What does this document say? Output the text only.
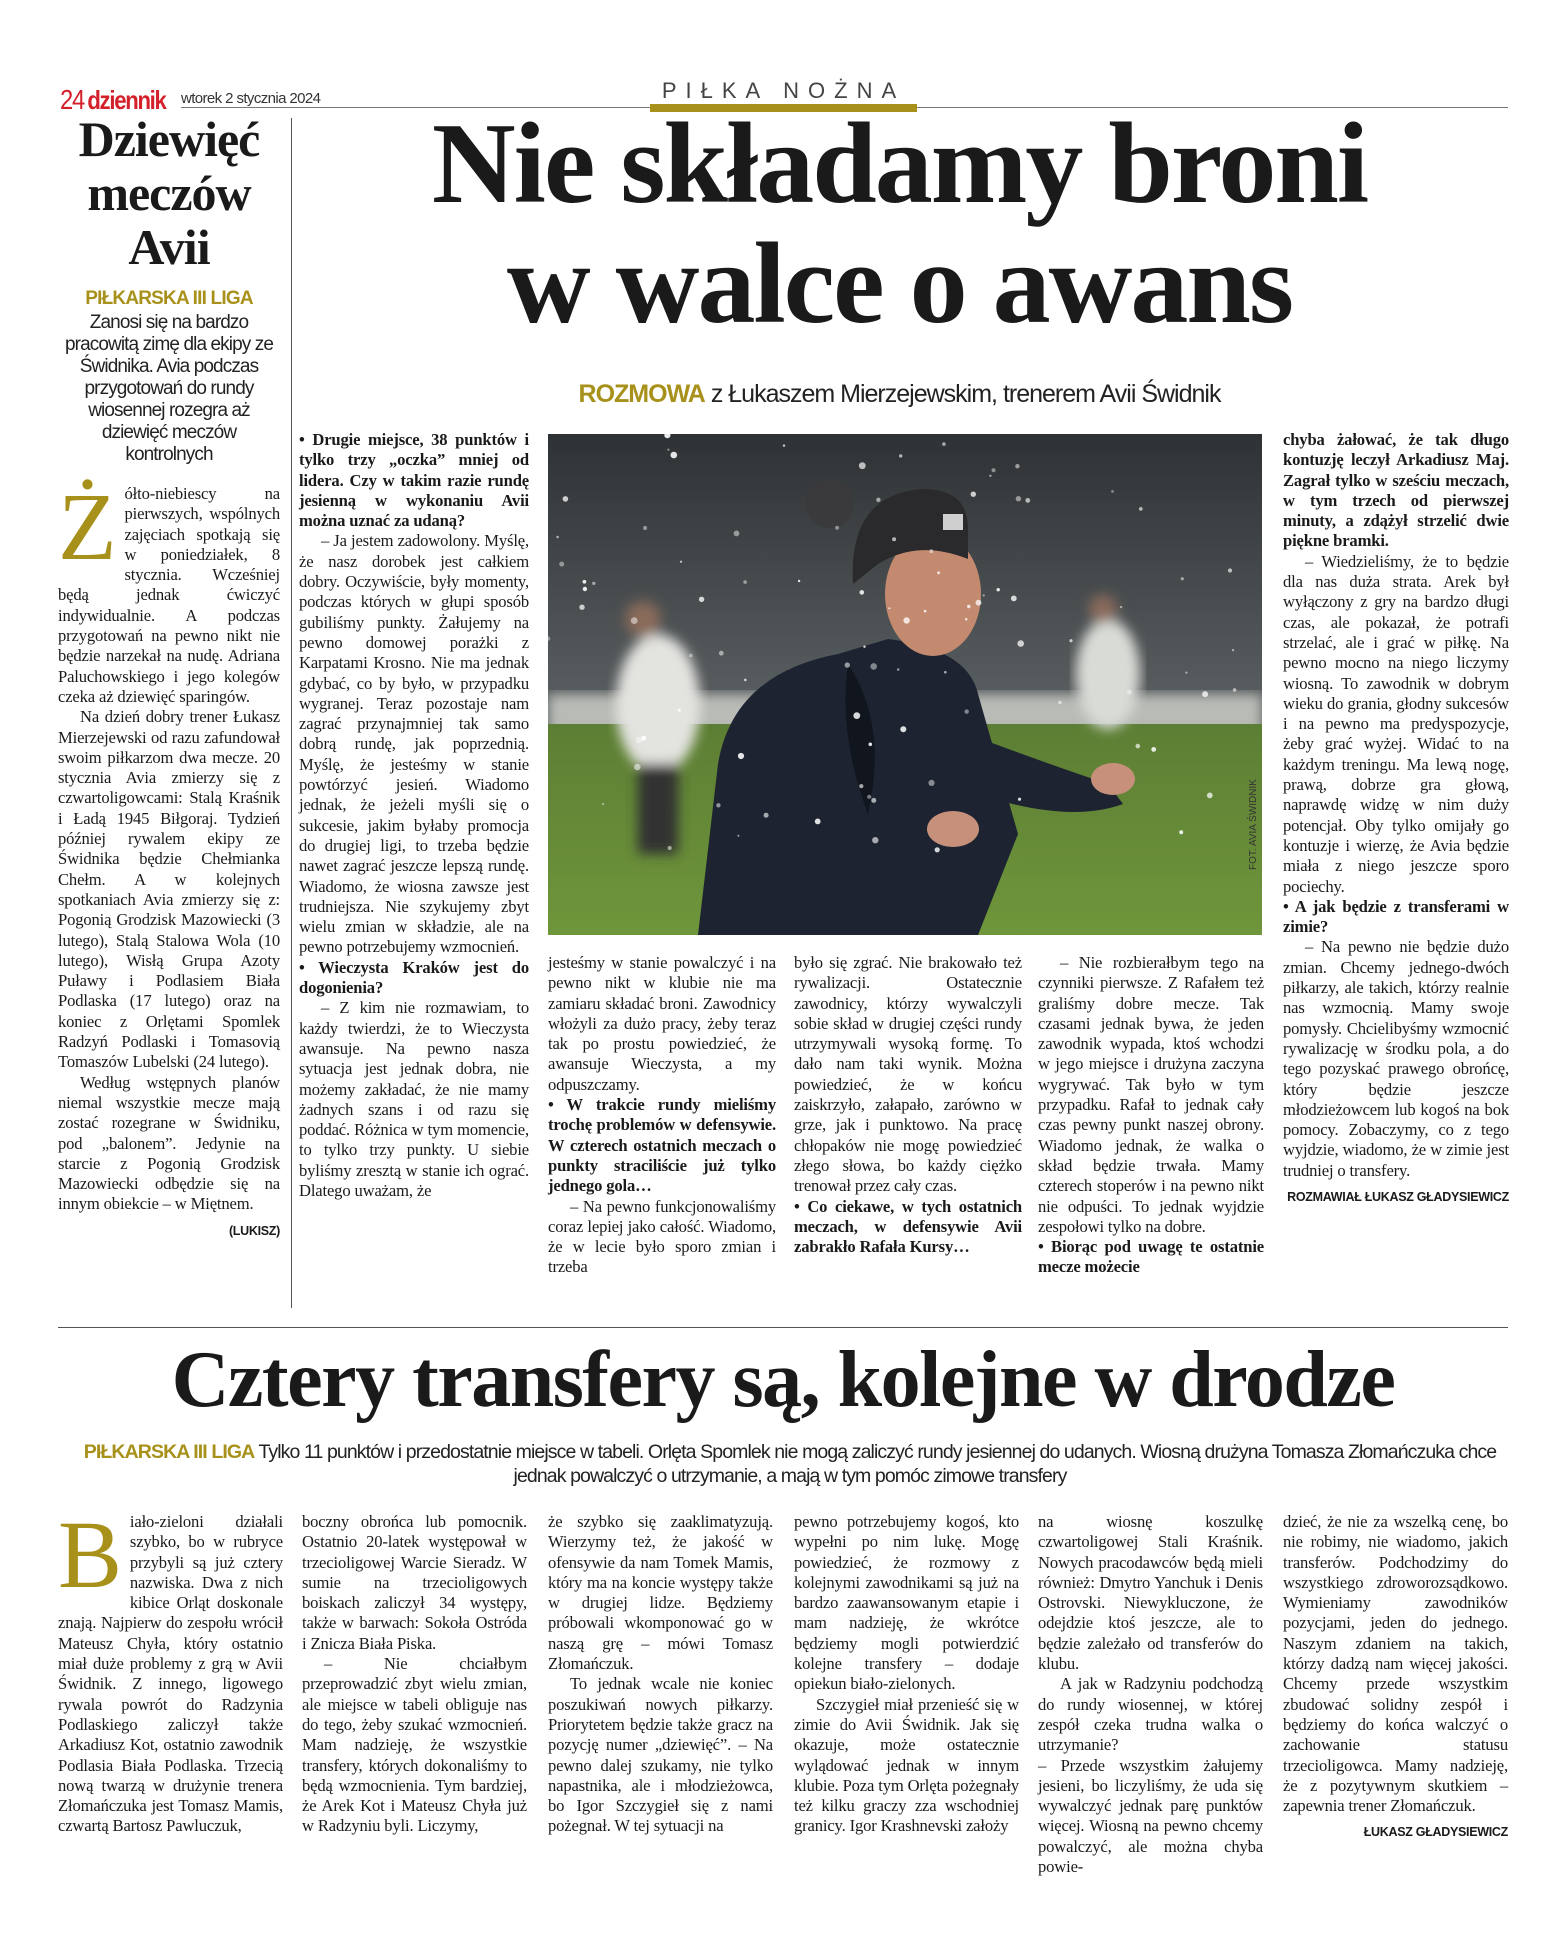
24 dziennik wtorek 2 stycznia 2024	PIŁKA NOŻNA
Dziewięć
meczów
Avii
PIŁKARSKA III LIGA
Zanosi się na bardzo pracowitą zimę dla ekipy ze Świdnika. Avia podczas przygotowań do rundy wiosennej rozegra aż dziewięć meczów kontrolnych

Żółto-niebiescy na pierwszych, wspólnych zajęciach spotkają się w poniedziałek, 8 stycznia. Wcześniej będą jednak ćwiczyć indywidualnie. A podczas przygotowań na pewno nikt nie będzie narzekał na nudę. Adriana Paluchowskiego i jego kolegów czeka aż dziewięć sparingów.

Na dzień dobry trener Łukasz Mierzejewski od razu zafundował swoim piłkarzom dwa mecze. 20 stycznia Avia zmierzy się z czwartoligowcami: Stalą Kraśnik i Ładą 1945 Biłgoraj. Tydzień później rywalem ekipy ze Świdnika będzie Chełmianka Chełm. A w kolejnych spotkaniach Avia zmierzy się z: Pogonią Grodzisk Mazowiecki (3 lutego), Stalą Stalowa Wola (10 lutego), Wisłą Grupa Azoty Puławy i Podlasiem Biała Podlaska (17 lutego) oraz na koniec z Orlętami Spomlek Radzyń Podlaski i Tomasovią Tomaszów Lubelski (24 lutego).

Według wstępnych planów niemal wszystkie mecze mają zostać rozegrane w Świdniku, pod „balonem”. Jedynie na starcie z Pogonią Grodzisk Mazowiecki odbędzie się na innym obiekcie – w Miętnem.

(LUKISZ)
Nie składamy broni
w walce o awans
ROZMOWA z Łukaszem Mierzejewskim, trenerem Avii Świdnik
FOT. AVIA ŚWIDNIK

• Drugie miejsce, 38 punktów i tylko trzy „oczka” mniej od lidera. Czy w takim razie rundę jesienną w wykonaniu Avii można uznać za udaną?

– Ja jestem zadowolony. Myślę, że nasz dorobek jest całkiem dobry. Oczywiście, były momenty, podczas których w głupi sposób gubiliśmy punkty. Żałujemy na pewno domowej porażki z Karpatami Krosno. Nie ma jednak gdybać, co by było, w przypadku wygranej. Teraz pozostaje nam zagrać przynajmniej tak samo dobrą rundę, jak poprzednią. Myślę, że jesteśmy w stanie powtórzyć jesień. Wiadomo jednak, że jeżeli myśli się o sukcesie, jakim byłaby promocja do drugiej ligi, to trzeba będzie nawet zagrać jeszcze lepszą rundę. Wiadomo, że wiosna zawsze jest trudniejsza. Nie szykujemy zbyt wielu zmian w składzie, ale na pewno potrzebujemy wzmocnień.

• Wieczysta Kraków jest do dogonienia?

– Z kim nie rozmawiam, to każdy twierdzi, że to Wieczysta awansuje. Na pewno nasza sytuacja jest jednak dobra, nie możemy zakładać, że nie mamy żadnych szans i od razu się poddać. Różnica w tym momencie, to tylko trzy punkty. U siebie byliśmy zresztą w stanie ich ograć. Dlatego uważam, że

jesteśmy w stanie powalczyć i na pewno nikt w klubie nie ma zamiaru składać broni. Zawodnicy włożyli za dużo pracy, żeby teraz tak po prostu powiedzieć, że awansuje Wieczysta, a my odpuszczamy.

• W trakcie rundy mieliśmy trochę problemów w defensywie. W czterech ostatnich meczach o punkty straciliście już tylko jednego gola…

– Na pewno funkcjonowaliśmy coraz lepiej jako całość. Wiadomo, że w lecie było sporo zmian i trzeba

było się zgrać. Nie brakowało też rywalizacji. Ostatecznie zawodnicy, którzy wywalczyli sobie skład w drugiej części rundy utrzymywali wysoką formę. To dało nam taki wynik. Można powiedzieć, że w końcu zaiskrzyło, załapało, zarówno w grze, jak i punktowo. Na pracę chłopaków nie mogę powiedzieć złego słowa, bo każdy ciężko trenował przez cały czas.

• Co ciekawe, w tych ostatnich meczach, w defensywie Avii zabrakło Rafała Kursy…

– Nie rozbierałbym tego na czynniki pierwsze. Z Rafałem też graliśmy dobre mecze. Tak czasami jednak bywa, że jeden zawodnik wypada, ktoś wchodzi w jego miejsce i drużyna zaczyna wygrywać. Tak było w tym przypadku. Rafał to jednak cały czas pewny punkt naszej obrony. Wiadomo jednak, że walka o skład będzie trwała. Mamy czterech stoperów i na pewno nikt nie odpuści. To jednak wyjdzie zespołowi tylko na dobre.

• Biorąc pod uwagę te ostatnie mecze możecie

chyba żałować, że tak długo kontuzję leczył Arkadiusz Maj. Zagrał tylko w sześciu meczach, w tym trzech od pierwszej minuty, a zdążył strzelić dwie piękne bramki.

– Wiedzieliśmy, że to będzie dla nas duża strata. Arek był wyłączony z gry na bardzo długi czas, ale pokazał, że potrafi strzelać, ale i grać w piłkę. Na pewno mocno na niego liczymy wiosną. To zawodnik w dobrym wieku do grania, głodny sukcesów i na pewno ma predyspozycje, żeby grać wyżej. Widać to na każdym treningu. Ma lewą nogę, prawą, dobrze gra głową, naprawdę widzę w nim duży potencjał. Oby tylko omijały go kontuzje i wierzę, że Avia będzie miała z niego jeszcze sporo pociechy.

• A jak będzie z transferami w zimie?

– Na pewno nie będzie dużo zmian. Chcemy jednego-dwóch piłkarzy, ale takich, którzy realnie nas wzmocnią. Mamy swoje pomysły. Chcielibyśmy wzmocnić rywalizację w środku pola, a do tego pozyskać prawego obrońcę, który będzie jeszcze młodzieżowcem lub kogoś na bok pomocy. Zobaczymy, co z tego wyjdzie, wiadomo, że w zimie jest trudniej o transfery.

ROZMAWIAŁ ŁUKASZ GŁADYSIEWICZ
Cztery transfery są, kolejne w drodze
PIŁKARSKA III LIGA Tylko 11 punktów i przedostatnie miejsce w tabeli. Orlęta Spomlek nie mogą zaliczyć rundy jesiennej do udanych. Wiosną drużyna Tomasza Złomańczuka chce jednak powalczyć o utrzymanie, a mają w tym pomóc zimowe transfery

Biało-zieloni działali szybko, bo w rubryce przybyli są już cztery nazwiska. Dwa z nich kibice Orląt doskonale znają. Najpierw do zespołu wrócił Mateusz Chyła, który ostatnio miał duże problemy z grą w Avii Świdnik. Z innego, ligowego rywala powrót do Radzynia Podlaskiego zaliczył także Arkadiusz Kot, ostatnio zawodnik Podlasia Biała Podlaska. Trzecią nową twarzą w drużynie trenera Złomańczuka jest Tomasz Mamis, czwartą Bartosz Pawluczuk,

boczny obrońca lub pomocnik. Ostatnio 20-latek występował w trzecioligowej Warcie Sieradz. W sumie na trzecioligowych boiskach zaliczył 34 występy, także w barwach: Sokoła Ostróda i Znicza Biała Piska.

– Nie chciałbym przeprowadzić zbyt wielu zmian, ale miejsce w tabeli obliguje nas do tego, żeby szukać wzmocnień. Mam nadzieję, że wszystkie transfery, których dokonaliśmy to będą wzmocnienia. Tym bardziej, że Arek Kot i Mateusz Chyła już w Radzyniu byli. Liczymy,

że szybko się zaaklimatyzują. Wierzymy też, że jakość w ofensywie da nam Tomek Mamis, który ma na koncie występy także w drugiej lidze. Będziemy próbowali wkomponować go w naszą grę – mówi Tomasz Złomańczuk.

To jednak wcale nie koniec poszukiwań nowych piłkarzy. Priorytetem będzie także gracz na pozycję numer „dziewięć”. – Na pewno dalej szukamy, nie tylko napastnika, ale i młodzieżowca, bo Igor Szczygieł się z nami pożegnał. W tej sytuacji na

pewno potrzebujemy kogoś, kto wypełni po nim lukę. Mogę powiedzieć, że rozmowy z kolejnymi zawodnikami są już na bardzo zaawansowanym etapie i mam nadzieję, że wkrótce będziemy mogli potwierdzić kolejne transfery – dodaje opiekun biało-zielonych.

Szczygieł miał przenieść się w zimie do Avii Świdnik. Jak się okazuje, może ostatecznie wylądować jednak w innym klubie. Poza tym Orlęta pożegnały też kilku graczy zza wschodniej granicy. Igor Krashnevski założy

na wiosnę koszulkę czwartoligowej Stali Kraśnik. Nowych pracodawców będą mieli również: Dmytro Yanchuk i Denis Ostrovski. Niewykluczone, że odejdzie ktoś jeszcze, ale to będzie zależało od transferów do klubu.

A jak w Radzyniu podchodzą do rundy wiosennej, w której zespół czeka trudna walka o utrzymanie?

– Przede wszystkim żałujemy jesieni, bo liczyliśmy, że uda się wywalczyć jednak parę punktów więcej. Wiosną na pewno chcemy powalczyć, ale można chyba powie-

dzieć, że nie za wszelką cenę, bo nie robimy, nie wiadomo, jakich transferów. Podchodzimy do wszystkiego zdroworozsądkowo. Wymieniamy zawodników pozycjami, jeden do jednego. Naszym zdaniem na takich, którzy dadzą nam więcej jakości. Chcemy przede wszystkim zbudować solidny zespół i będziemy do końca walczyć o zachowanie statusu trzecioligowca. Mamy nadzieję, że z pozytywnym skutkiem – zapewnia trener Złomańczuk.

ŁUKASZ GŁADYSIEWICZ
